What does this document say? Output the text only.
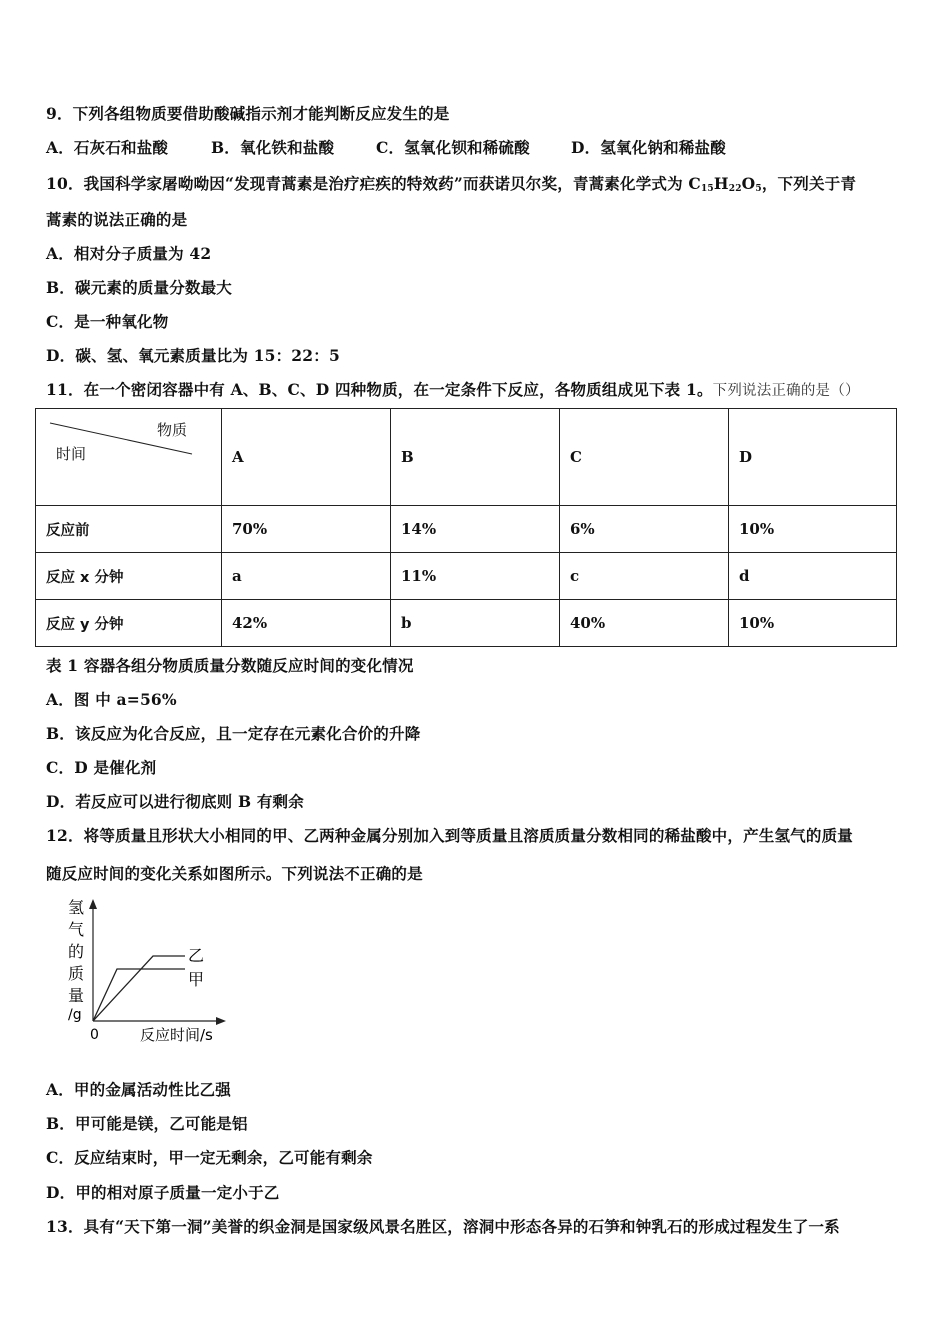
9．下列各组物质要借助酸碱指示剂才能判断反应发生的是
A．石灰石和盐酸	B．氧化铁和盐酸	C．氢氧化钡和稀硫酸	D．氢氧化钠和稀盐酸
10．我国科学家屠呦呦因“发现青蒿素是治疗疟疾的特效药”而获诺贝尔奖，青蒿素化学式为 $C_{15}H_{22}O_5$，下列关于青
蒿素的说法正确的是
A．相对分子质量为 42
B．碳元素的质量分数最大
C．是一种氧化物
D．碳、氢、氧元素质量比为 15：22：5
11．在一个密闭容器中有 A、B、C、D 四种物质，在一定条件下反应，各物质组成见下表 1。下列说法正确的是（）
物质
时间	A	B	C	D
反应前	70%	14%	6%	10%
反应 x 分钟	a	11%	c	d
反应 y 分钟	42%	b	40%	10%
表 1 容器各组分物质质量分数随反应时间的变化情况
A．图 中 a=56%
B．该反应为化合反应，且一定存在元素化合价的升降
C．D 是催化剂
D．若反应可以进行彻底则 B 有剩余
12．将等质量且形状大小相同的甲、乙两种金属分别加入到等质量且溶质质量分数相同的稀盐酸中，产生氢气的质量
随反应时间的变化关系如图所示。下列说法不正确的是
氢
气
的
质
量
/g
0	反应时间/s
乙
甲
A．甲的金属活动性比乙强
B．甲可能是镁，乙可能是铝
C．反应结束时，甲一定无剩余，乙可能有剩余
D．甲的相对原子质量一定小于乙
13．具有“天下第一洞”美誉的织金洞是国家级风景名胜区，溶洞中形态各异的石笋和钟乳石的形成过程发生了一系
